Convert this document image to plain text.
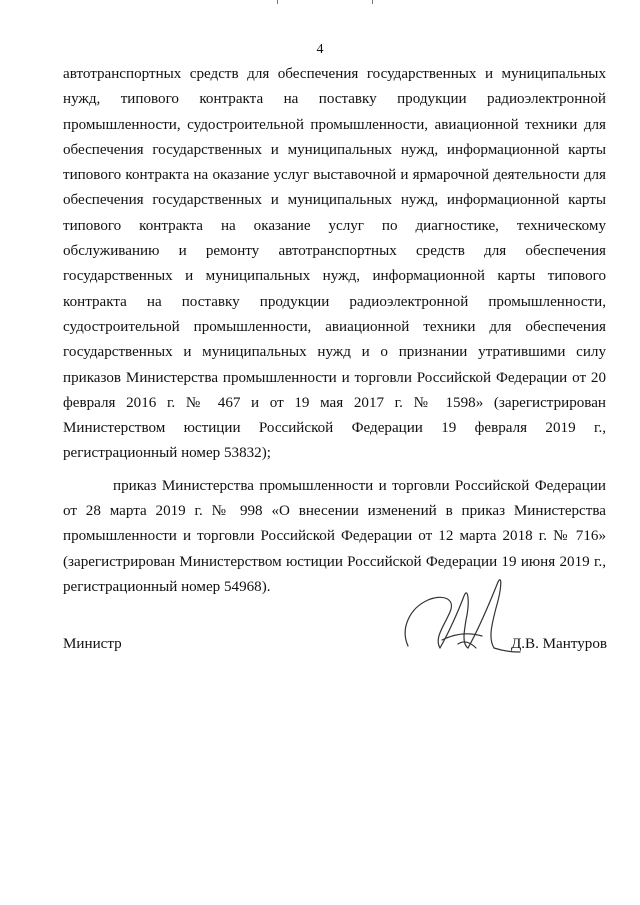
4

автотранспортных средств для обеспечения государственных и муниципальных нужд, типового контракта на поставку продукции радиоэлектронной промышленности, судостроительной промышленности, авиационной техники для обеспечения государственных и муниципальных нужд, информационной карты типового контракта на оказание услуг выставочной и ярмарочной деятельности для обеспечения государственных и муниципальных нужд, информационной карты типового контракта на оказание услуг по диагностике, техническому обслуживанию и ремонту автотранспортных средств для обеспечения государственных и муниципальных нужд, информационной карты типового контракта на поставку продукции радиоэлектронной промышленности, судостроительной промышленности, авиационной техники для обеспечения государственных и муниципальных нужд и о признании утратившими силу приказов Министерства промышленности и торговли Российской Федерации от 20 февраля 2016 г. № 467 и от 19 мая 2017 г. № 1598» (зарегистрирован Министерством юстиции Российской Федерации 19 февраля 2019 г., регистрационный номер 53832);

приказ Министерства промышленности и торговли Российской Федерации от 28 марта 2019 г. № 998 «О внесении изменений в приказ Министерства промышленности и торговли Российской Федерации от 12 марта 2018 г. № 716» (зарегистрирован Министерством юстиции Российской Федерации 19 июня 2019 г., регистрационный номер 54968).

Министр	Д.В. Мантуров
